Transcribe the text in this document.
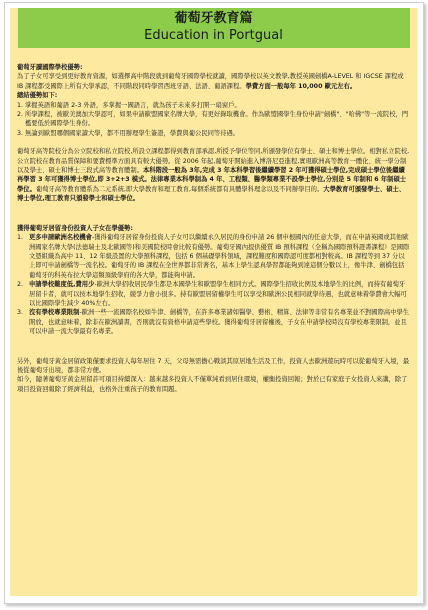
葡萄牙教育篇
Education in Portgual
葡萄牙讀國際學校優勢:

為了子女可享受到更好教育資源，如選擇高中階段就到葡萄牙國際學校就讀，國際學校以英文教學,教授英國劍橋A-LEVEL 和 IGCSE 課程或 IB 課程都受國際上所有大學承認，不同階段同時學習西班牙語、法語、葡語課程。學費方面一般每年 10,000 歐元左右。

總結優勢如下:
1. 掌握英語和葡語 2-3 外語，多掌握一國語言，就為孩子未來多打開一扇窗戶。
2. 所學課程，被歐美澳加大學認可，如果申請歐盟國家名牌大學，有更好錄取機會。作為歐盟國學生身份申請"劍橋"、"哈佛"等一流院校，門檻要低於國際學生身份。
3. 無論到歐盟哪個國家讀大學，都不用辦理學生簽證，學費與葡公民同等待遇。

葡萄牙高等院校分為公立院校和私立院校,所設立課程都得到教育部承認,所授予學位等同,所頒發學位有學士、碩士和博士學位。相對私立院校,公立院校在教育品質保障和要費標準方面具有較大優勢。從 2006 年起,葡萄牙開始進入博洛尼亞進程,實現歐洲高等教育一體化、統一學分制以及學士、碩士和博士三段式高等教育體制。本科階段一般為 3年,完成 3 年本科學習後繼續學習 2 年可獲得碩士學位,完成碩士學位後繼續再學習 3 年可獲得博士學位,即 3+2+3 模式。法律專業本科學制為 4 年、工程類、醫學類專業不設學士學位,分別是 5 年制和 6 年制碩士學位。葡萄牙高等教育體系為二元系統,即大學教育和理工教育,每個系統都有具體學科理念以及不同辦學目的。大學教育可頒發學士、碩士、博士學位,理工教育只頒發學士和碩士學位。

獲得葡萄牙居留身份投資人子女在學優勢:
1. 更多申請歐洲名校機會-獲得葡萄牙居留身份投資人子女可以繼續永久居民的身份申請 26 個申根國內的任意大學，而在申請英國或其他歐洲國家名牌大學(法德瑞士及北歐國等)和美國院校時會比較有優勢。葡萄牙國內提供優質 IB 預科課程（全稱為國際預科證書課程）是國際文憑組織為高中 11、12 年級設置的大學預科課程，包括 6 個基礎學科領域，課程難度和國際認可度都相對較高。IB 課程等到 37 分以上即可申請劍橋等一流名校。葡萄牙的 IB 課程在全世界都非常著名，基本上學生認真學習都能夠到達這個分數以上，像牛津、劍橋包括葡萄牙的科英布拉大學這類頂級學府的各大學，都能夠申請。
2. 申請學校難度低,費用少-歐洲大學招收居民學生都是本國學生和歐盟學生相同方式。國際學生招收比例及本地學生的比例，而持有葡萄牙居留卡者，就可以按本地學生招收，競爭力會小很多。持有歐盟居留權學生可以享受和歐洲公民相同就學待遇，也就意味着學費會大幅可以比國際學生減少 40%左右。
3. 沒有學校專業限制-歐洲一些一流國際名校如牛津、劍橋等，在許多專業諸如醫學、藝術、精算、法律等非常有名專業並不對國際高中學生開放，也就意味着，除非在歐洲讀書，否則就沒有資格申請這些學校。獲得葡萄牙居留權後，子女在申請學校時沒有學校專業限制，並且可以申請一流大學最有名專業。

另外，葡萄牙黃金居留政策僅要求投資人每年居住 7 天，父母無需擔心戰談其原居地生活及工作，投資人去歐洲遊玩時可以從葡萄牙入境，最後從葡萄牙出境，都非常方便。

如今，隨著葡萄牙黃金居留許可項目持續深入：越來越多投資人不僅單純看到居住環境，權衡投資回報；對於已有家庭子女投資人來講，除了項目投資回報除了經濟利益，也格外注重孩子的教育問題。
